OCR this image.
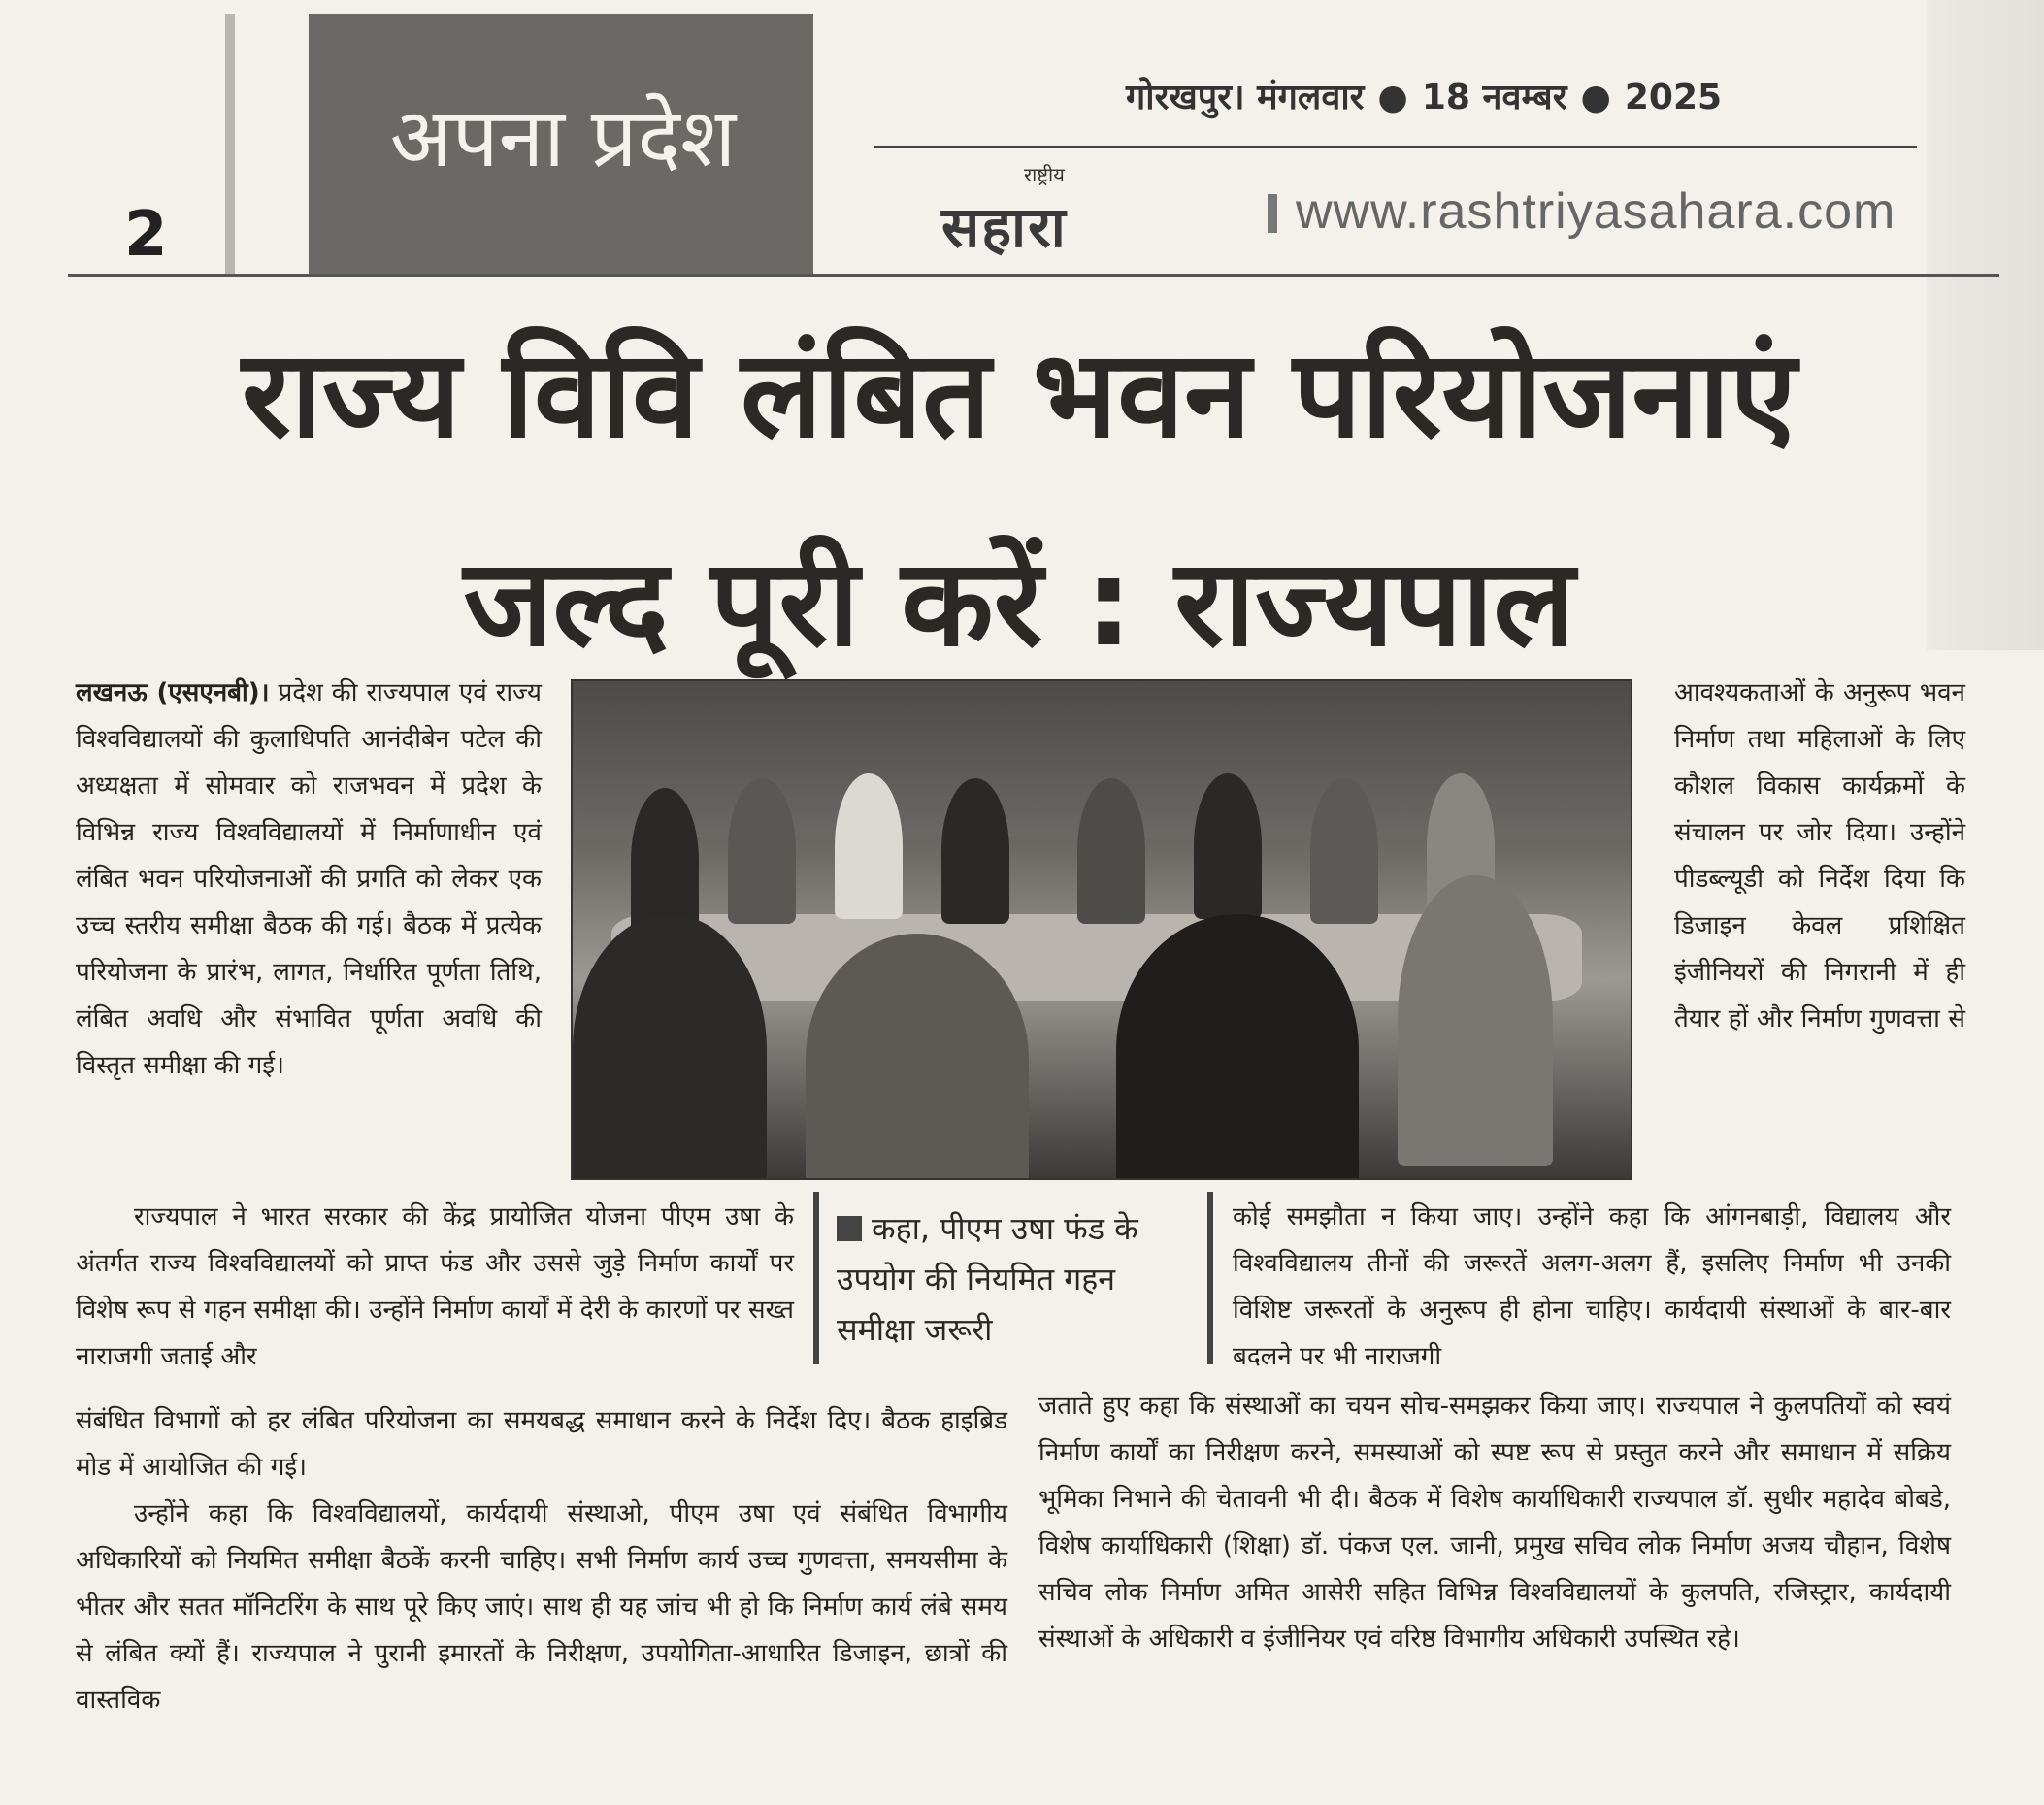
2
अपना प्रदेश	गोरखपुर। मंगलवार ● 18 नवम्बर ● 2025
राष्ट्रीय
सहारा	www.rashtriyasahara.com
राज्य विवि लंबित भवन परियोजनाएं
जल्द पूरी करें : राज्यपाल

लखनऊ (एसएनबी)। प्रदेश की राज्यपाल एवं राज्य विश्वविद्यालयों की कुलाधिपति आनंदीबेन पटेल की अध्यक्षता में सोमवार को राजभवन में प्रदेश के विभिन्न राज्य विश्वविद्यालयों में निर्माणाधीन एवं लंबित भवन परियोजनाओं की प्रगति को लेकर एक उच्च स्तरीय समीक्षा बैठक की गई। बैठक में प्रत्येक परियोजना के प्रारंभ, लागत, निर्धारित पूर्णता तिथि, लंबित अवधि और संभावित पूर्णता अवधि की विस्तृत समीक्षा की गई।

आवश्यकताओं के अनुरूप भवन निर्माण तथा महिलाओं के लिए कौशल विकास कार्यक्रमों के संचालन पर जोर दिया। उन्होंने पीडब्ल्यूडी को निर्देश दिया कि डिजाइन केवल प्रशिक्षित इंजीनियरों की निगरानी में ही तैयार हों और निर्माण गुणवत्ता से

कहा, पीएम उषा फंड के उपयोग की नियमित गहन समीक्षा जरूरी

राज्यपाल ने भारत सरकार की केंद्र प्रायोजित योजना पीएम उषा के अंतर्गत राज्य विश्वविद्यालयों को प्राप्त फंड और उससे जुड़े निर्माण कार्यों पर विशेष रूप से गहन समीक्षा की। उन्होंने निर्माण कार्यों में देरी के कारणों पर सख्त नाराजगी जताई और

संबंधित विभागों को हर लंबित परियोजना का समयबद्ध समाधान करने के निर्देश दिए। बैठक हाइब्रिड मोड में आयोजित की गई।

उन्होंने कहा कि विश्वविद्यालयों, कार्यदायी संस्थाओ, पीएम उषा एवं संबंधित विभागीय अधिकारियों को नियमित समीक्षा बैठकें करनी चाहिए। सभी निर्माण कार्य उच्च गुणवत्ता, समयसीमा के भीतर और सतत मॉनिटरिंग के साथ पूरे किए जाएं। साथ ही यह जांच भी हो कि निर्माण कार्य लंबे समय से लंबित क्यों हैं। राज्यपाल ने पुरानी इमारतों के निरीक्षण, उपयोगिता-आधारित डिजाइन, छात्रों की वास्तविक

कोई समझौता न किया जाए। उन्होंने कहा कि आंगनबाड़ी, विद्यालय और विश्वविद्यालय तीनों की जरूरतें अलग-अलग हैं, इसलिए निर्माण भी उनकी विशिष्ट जरूरतों के अनुरूप ही होना चाहिए। कार्यदायी संस्थाओं के बार-बार बदलने पर भी नाराजगी

जताते हुए कहा कि संस्थाओं का चयन सोच-समझकर किया जाए। राज्यपाल ने कुलपतियों को स्वयं निर्माण कार्यों का निरीक्षण करने, समस्याओं को स्पष्ट रूप से प्रस्तुत करने और समाधान में सक्रिय भूमिका निभाने की चेतावनी भी दी। बैठक में विशेष कार्याधिकारी राज्यपाल डॉ. सुधीर महादेव बोबडे, विशेष कार्याधिकारी (शिक्षा) डॉ. पंकज एल. जानी, प्रमुख सचिव लोक निर्माण अजय चौहान, विशेष सचिव लोक निर्माण अमित आसेरी सहित विभिन्न विश्वविद्यालयों के कुलपति, रजिस्ट्रार, कार्यदायी संस्थाओं के अधिकारी व इंजीनियर एवं वरिष्ठ विभागीय अधिकारी उपस्थित रहे।
